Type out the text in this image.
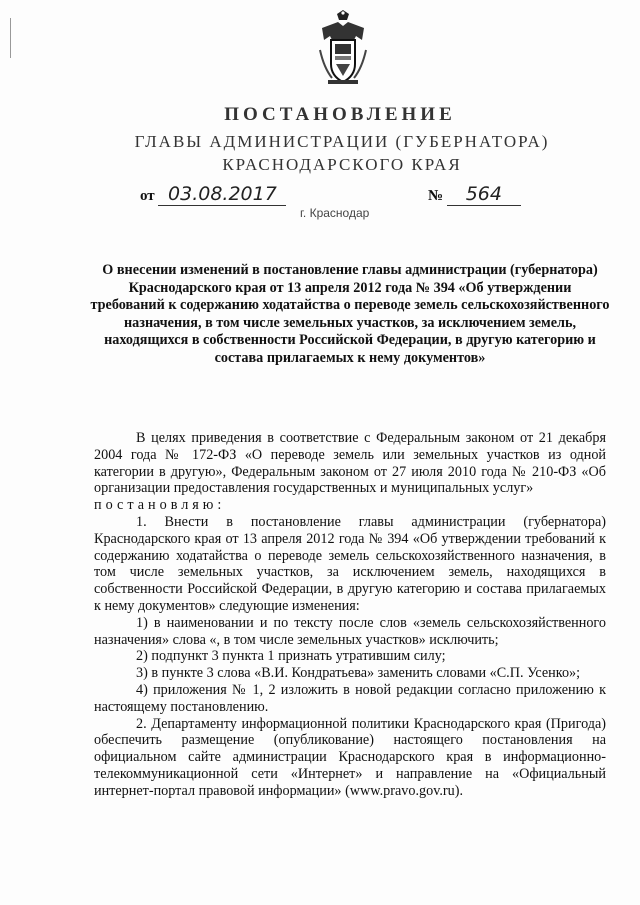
ПОСТАНОВЛЕНИЕ
ГЛАВЫ АДМИНИСТРАЦИИ (ГУБЕРНАТОРА)
КРАСНОДАРСКОГО КРАЯ
от 03.08.2017	№ 564
г. Краснодар
О внесении изменений в постановление главы администрации (губернатора) Краснодарского края от 13 апреля 2012 года № 394 «Об утверждении требований к содержанию ходатайства о переводе земель сельскохозяйственного назначения, в том числе земельных участков, за исключением земель, находящихся в собственности Российской Федерации, в другую категорию и состава прилагаемых к нему документов»

В целях приведения в соответствие с Федеральным законом от 21 декабря 2004 года № 172-ФЗ «О переводе земель или земельных участков из одной категории в другую», Федеральным законом от 27 июля 2010 года № 210-ФЗ «Об организации предоставления государственных и муниципальных услуг»

постановляю:

1. Внести в постановление главы администрации (губернатора) Краснодарского края от 13 апреля 2012 года № 394 «Об утверждении требований к содержанию ходатайства о переводе земель сельскохозяйственного назначения, в том числе земельных участков, за исключением земель, находящихся в собственности Российской Федерации, в другую категорию и состава прилагаемых к нему документов» следующие изменения:

1) в наименовании и по тексту после слов «земель сельскохозяйственного назначения» слова «, в том числе земельных участков» исключить;

2) подпункт 3 пункта 1 признать утратившим силу;

3) в пункте 3 слова «В.И. Кондратьева» заменить словами «С.П. Усенко»;

4) приложения № 1, 2 изложить в новой редакции согласно приложению к настоящему постановлению.

2. Департаменту информационной политики Краснодарского края (Пригода) обеспечить размещение (опубликование) настоящего постановления на официальном сайте администрации Краснодарского края в информационно-телекоммуникационной сети «Интернет» и направление на «Официальный интернет-портал правовой информации» (www.pravo.gov.ru).
